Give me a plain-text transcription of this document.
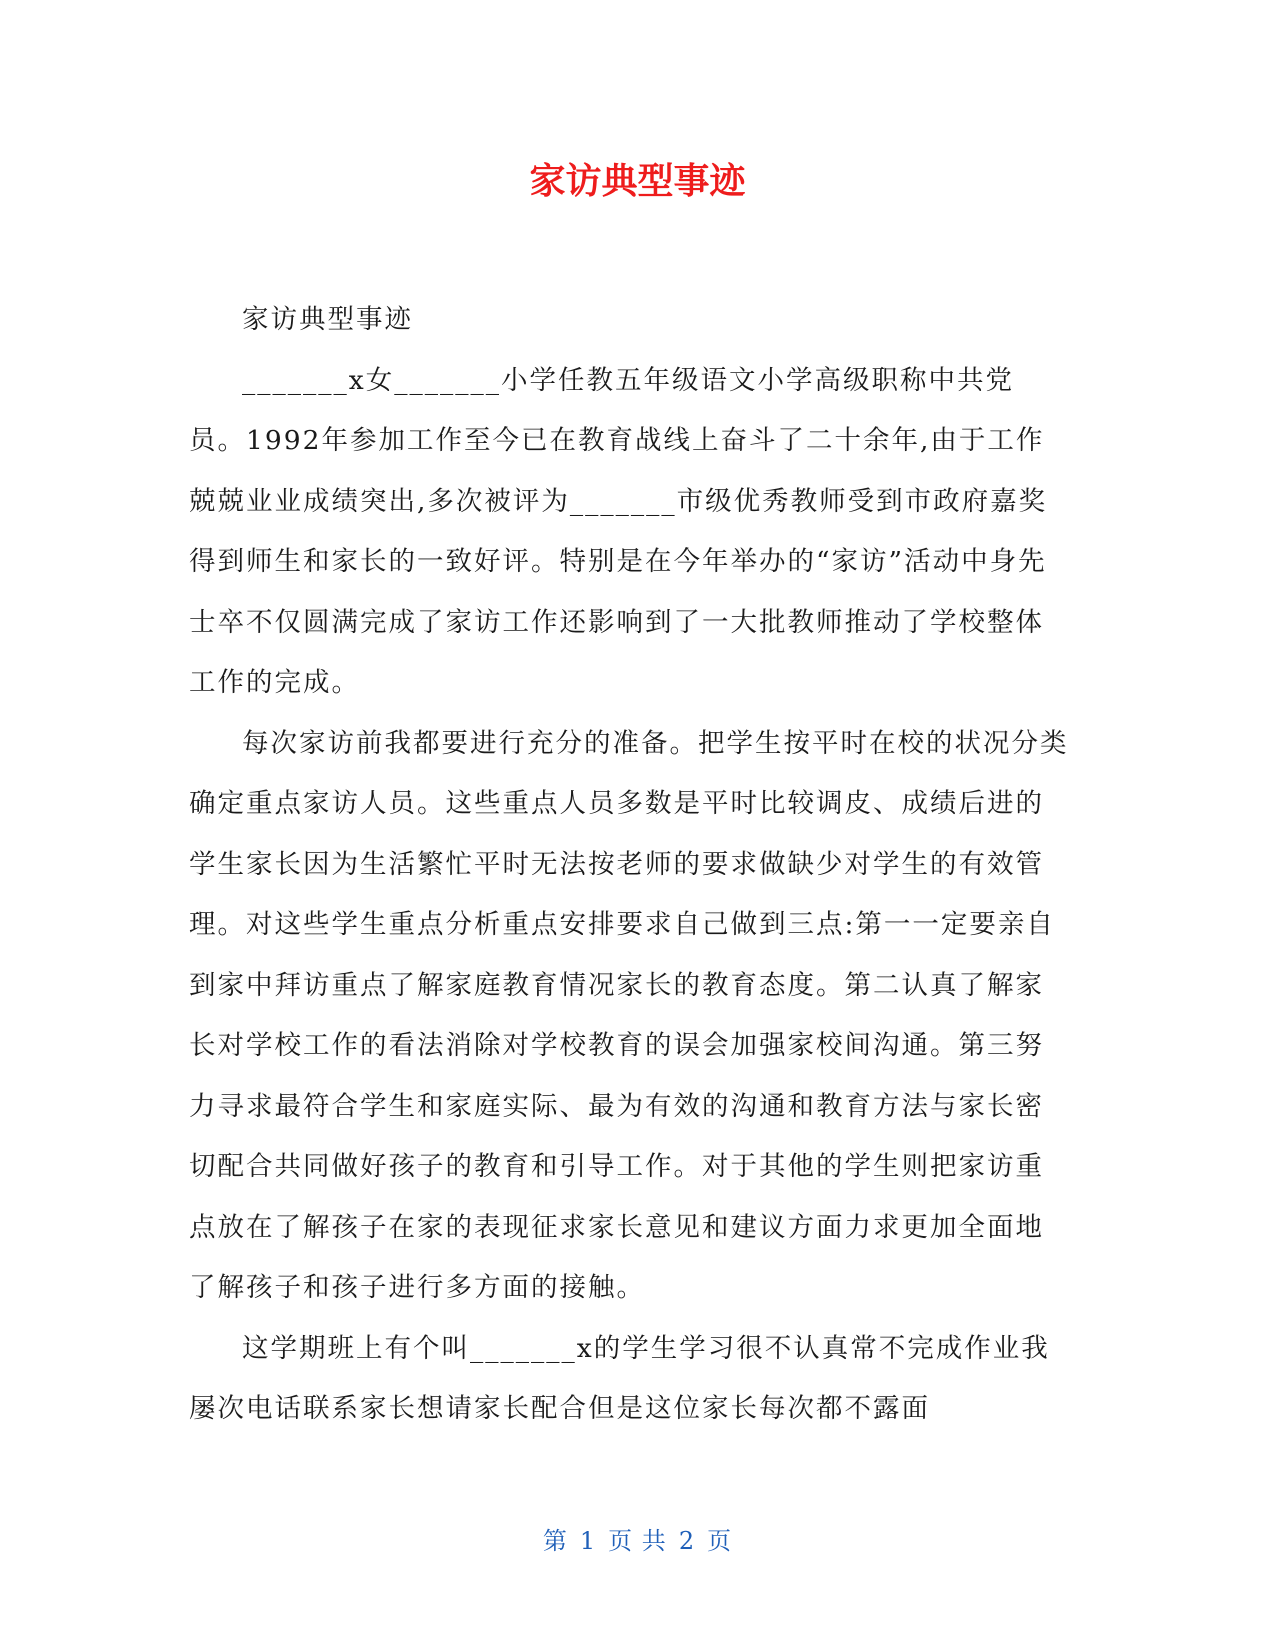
家访典型事迹

家访典型事迹

_______x女_______小学任教五年级语文小学高级职称中共党员。1992年参加工作至今已在教育战线上奋斗了二十余年,由于工作兢兢业业成绩突出,多次被评为_______市级优秀教师受到市政府嘉奖得到师生和家长的一致好评。特别是在今年举办的“家访”活动中身先士卒不仅圆满完成了家访工作还影响到了一大批教师推动了学校整体工作的完成。

每次家访前我都要进行充分的准备。把学生按平时在校的状况分类确定重点家访人员。这些重点人员多数是平时比较调皮、成绩后进的学生家长因为生活繁忙平时无法按老师的要求做缺少对学生的有效管理。对这些学生重点分析重点安排要求自己做到三点:第一一定要亲自到家中拜访重点了解家庭教育情况家长的教育态度。第二认真了解家长对学校工作的看法消除对学校教育的误会加强家校间沟通。第三努力寻求最符合学生和家庭实际、最为有效的沟通和教育方法与家长密切配合共同做好孩子的教育和引导工作。对于其他的学生则把家访重点放在了解孩子在家的表现征求家长意见和建议方面力求更加全面地了解孩子和孩子进行多方面的接触。

这学期班上有个叫_______x的学生学习很不认真常不完成作业我屡次电话联系家长想请家长配合但是这位家长每次都不露面

第 1 页 共 2 页
